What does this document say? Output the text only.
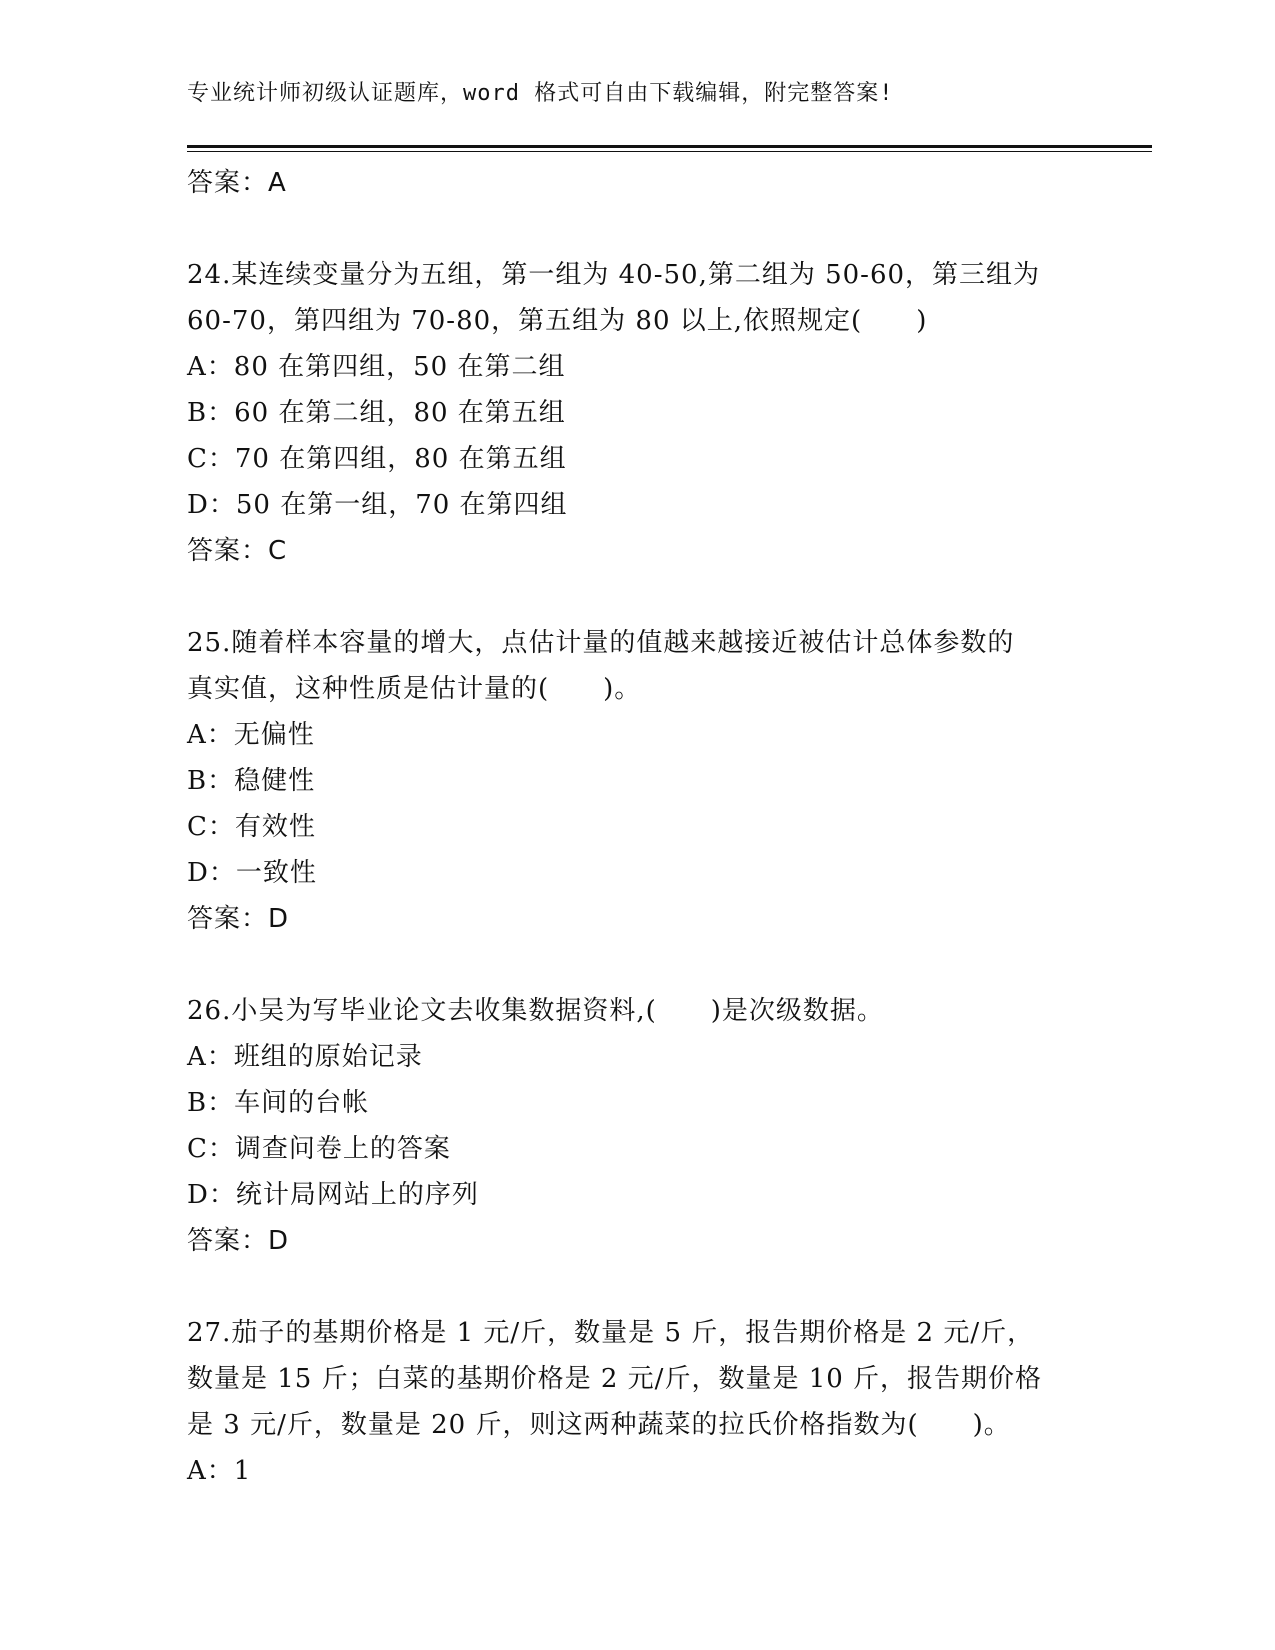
专业统计师初级认证题库，word 格式可自由下载编辑，附完整答案!
答案：A
24.某连续变量分为五组，第一组为 40-50,第二组为 50-60，第三组为
60-70，第四组为 70-80，第五组为 80 以上,依照规定(　　)
A：80 在第四组，50 在第二组
B：60 在第二组，80 在第五组
C：70 在第四组，80 在第五组
D：50 在第一组，70 在第四组
答案：C
25.随着样本容量的增大，点估计量的值越来越接近被估计总体参数的
真实值，这种性质是估计量的(　　)。
A：无偏性
B：稳健性
C：有效性
D：一致性
答案：D
26.小吴为写毕业论文去收集数据资料,(　　)是次级数据。
A：班组的原始记录
B：车间的台帐
C：调查问卷上的答案
D：统计局网站上的序列
答案：D
27.茄子的基期价格是 1 元/斤，数量是 5 斤，报告期价格是 2 元/斤，
数量是 15 斤；白菜的基期价格是 2 元/斤，数量是 10 斤，报告期价格
是 3 元/斤，数量是 20 斤，则这两种蔬菜的拉氏价格指数为(　　)。
A：1
